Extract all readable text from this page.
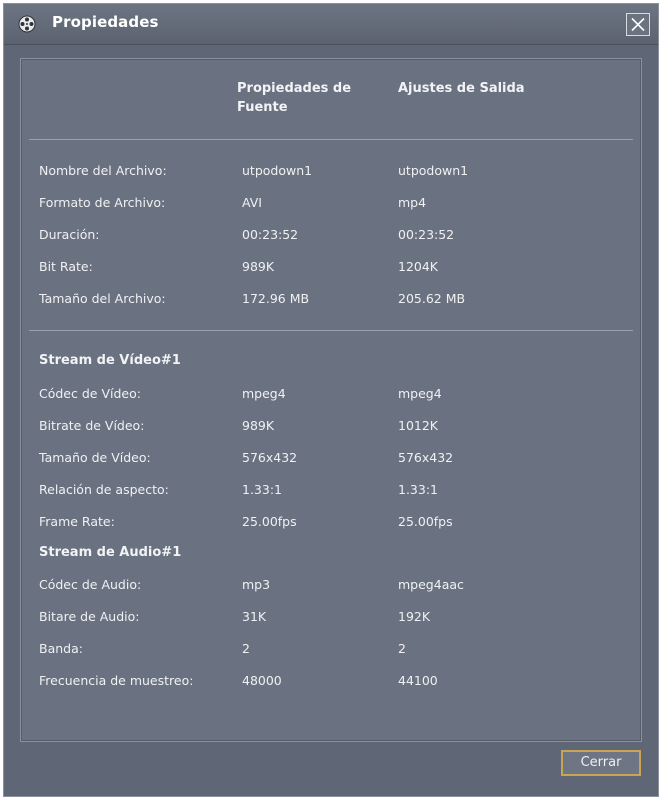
Propiedades
Propiedades de Fuente
Ajustes de Salida
Nombre del Archivo:	utpodown1	utpodown1
Formato de Archivo:	AVI	mp4
Duración:	00:23:52	00:23:52
Bit Rate:	989K	1204K
Tamaño del Archivo:	172.96 MB	205.62 MB
Stream de Vídeo#1
Códec de Vídeo:	mpeg4	mpeg4
Bitrate de Vídeo:	989K	1012K
Tamaño de Vídeo:	576x432	576x432
Relación de aspecto:	1.33:1	1.33:1
Frame Rate:	25.00fps	25.00fps
Stream de Audio#1
Códec de Audio:	mp3	mpeg4aac
Bitare de Audio:	31K	192K
Banda:	2	2
Frecuencia de muestreo:	48000	44100
Cerrar
